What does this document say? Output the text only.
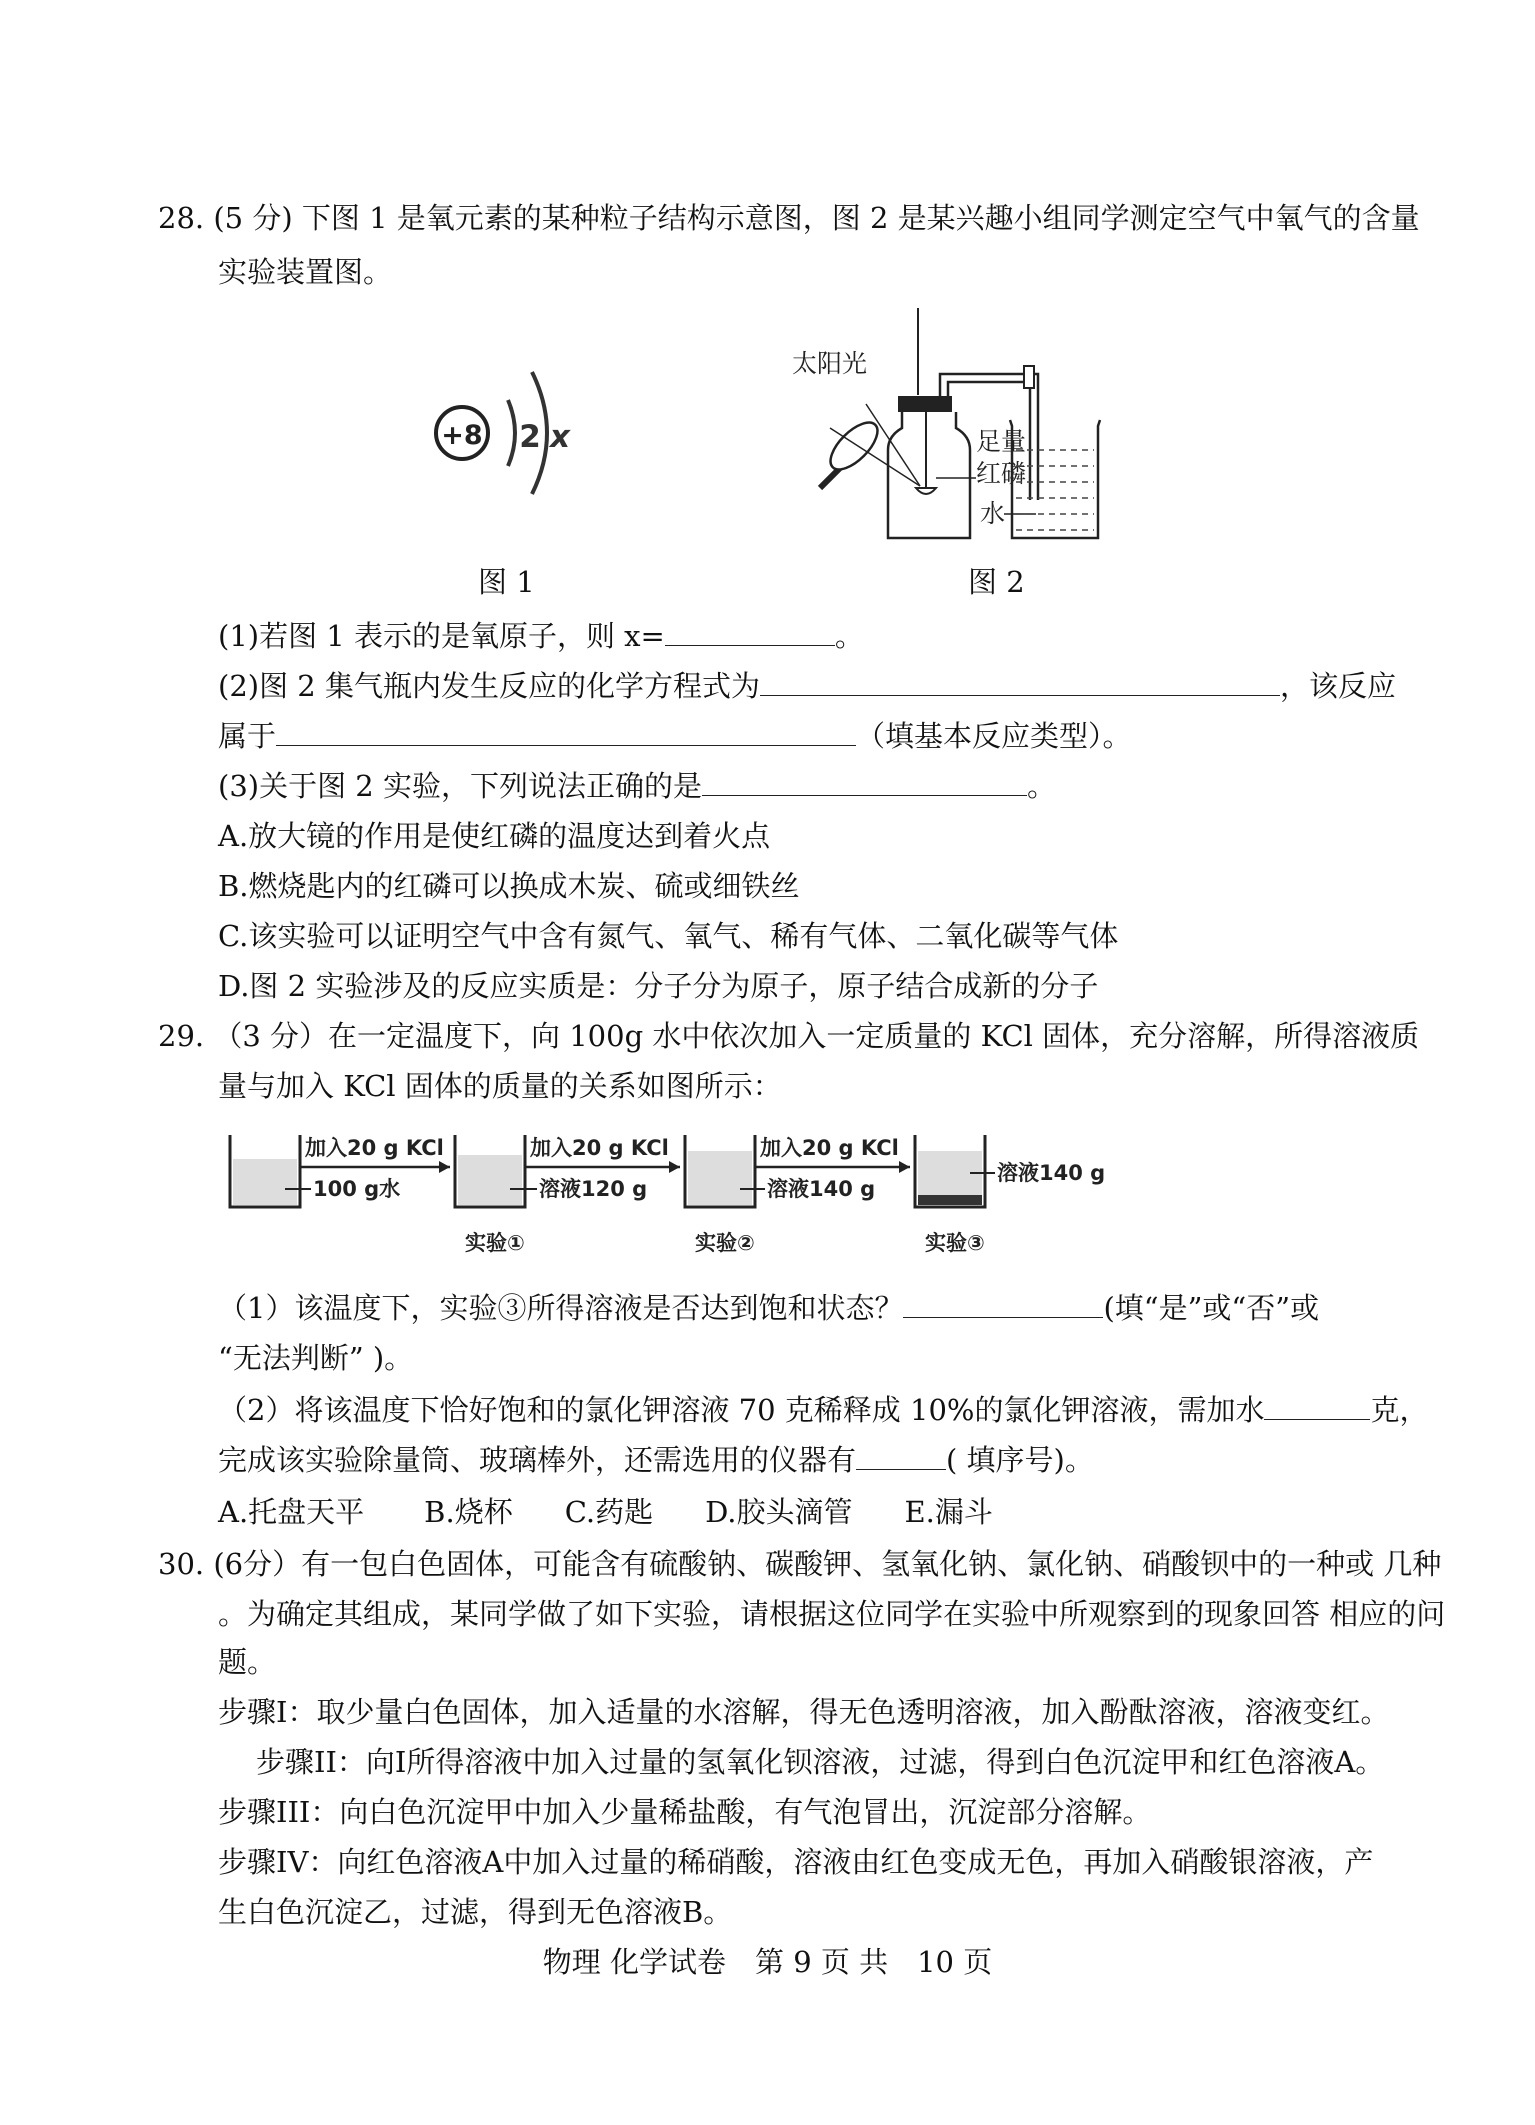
28. (5 分) 下图 1 是氧元素的某种粒子结构示意图，图 2 是某兴趣小组同学测定空气中氧气的含量
实验装置图。
+8 2 x
图 1
太阳光
足量
红磷
水
图 2
(1)若图 1 表示的是氧原子，则 x=	。
(2)图 2 集气瓶内发生反应的化学方程式为	，该反应
属于	（填基本反应类型）。
(3)关于图 2 实验，下列说法正确的是	。
A.放大镜的作用是使红磷的温度达到着火点
B.燃烧匙内的红磷可以换成木炭、硫或细铁丝
C.该实验可以证明空气中含有氮气、氧气、稀有气体、二氧化碳等气体
D.图 2 实验涉及的反应实质是：分子分为原子，原子结合成新的分子
29. （3 分）在一定温度下，向 100g 水中依次加入一定质量的 KCl 固体，充分溶解，所得溶液质
量与加入 KCl 固体的质量的关系如图所示：
加入20 g KCl
100 g水
加入20 g KCl
溶液120 g
实验①
加入20 g KCl
溶液140 g
实验②
溶液140 g
实验③
（1）该温度下，实验③所得溶液是否达到饱和状态？	(填“是”或“否”或
“无法判断” )。
（2）将该温度下恰好饱和的氯化钾溶液 70 克稀释成 10%的氯化钾溶液，需加水	克，
完成该实验除量筒、玻璃棒外，还需选用的仪器有	( 填序号)。
A.托盘天平 B.烧杯 C.药匙 D.胶头滴管 E.漏斗
30. (6分）有一包白色固体，可能含有硫酸钠、碳酸钾、氢氧化钠、氯化钠、硝酸钡中的一种或 几种
。为确定其组成，某同学做了如下实验，请根据这位同学在实验中所观察到的现象回答 相应的问
题。
步骤I：取少量白色固体，加入适量的水溶解，得无色透明溶液，加入酚酞溶液，溶液变红。
步骤II：向I所得溶液中加入过量的氢氧化钡溶液，过滤，得到白色沉淀甲和红色溶液A。
步骤III：向白色沉淀甲中加入少量稀盐酸，有气泡冒出，沉淀部分溶解。
步骤IV：向红色溶液A中加入过量的稀硝酸，溶液由红色变成无色，再加入硝酸银溶液，产
生白色沉淀乙，过滤，得到无色溶液B。
物理 化学试卷　第 9 页 共　10 页
